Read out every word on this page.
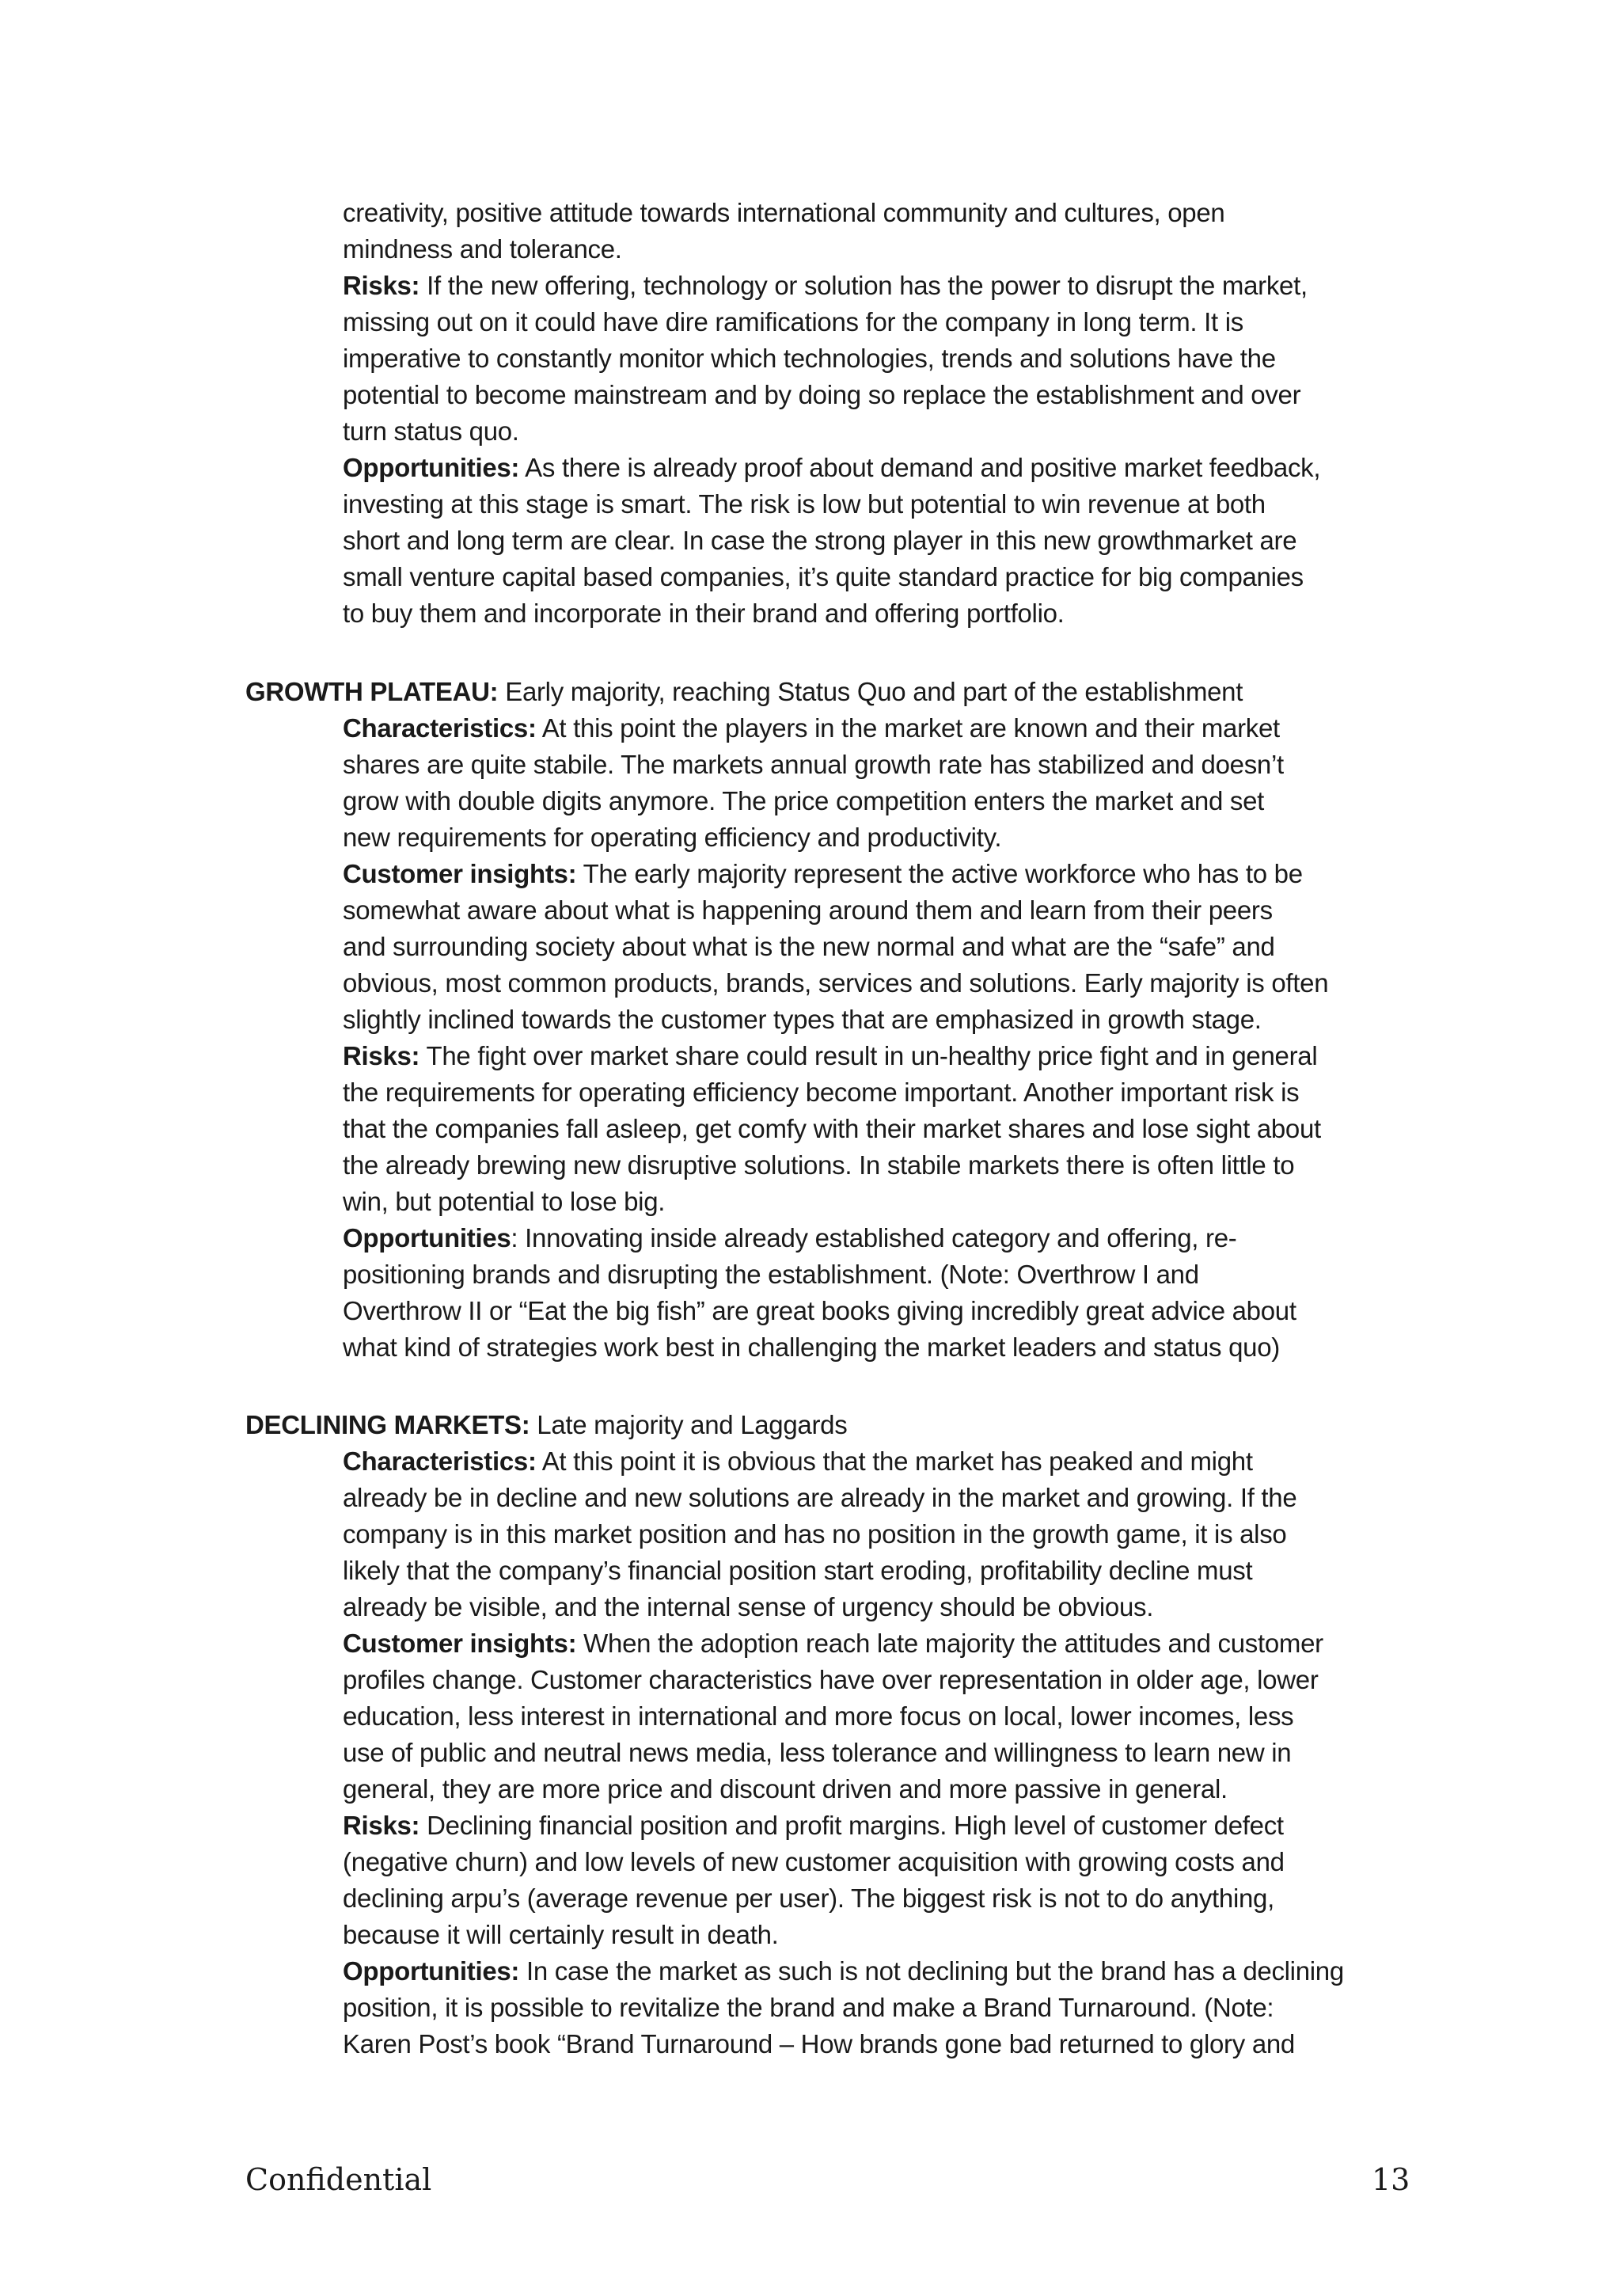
creativity, positive attitude towards international community and cultures, open
mindness and tolerance.
Risks: If the new offering, technology or solution has the power to disrupt the market,
missing out on it could have dire ramifications for the company in long term. It is
imperative to constantly monitor which technologies, trends and solutions have the
potential to become mainstream and by doing so replace the establishment and over
turn status quo.
Opportunities: As there is already proof about demand and positive market feedback,
investing at this stage is smart. The risk is low but potential to win revenue at both
short and long term are clear. In case the strong player in this new growthmarket are
small venture capital based companies, it’s quite standard practice for big companies
to buy them and incorporate in their brand and offering portfolio.
GROWTH PLATEAU: Early majority, reaching Status Quo and part of the establishment
Characteristics: At this point the players in the market are known and their market
shares are quite stabile. The markets annual growth rate has stabilized and doesn’t
grow with double digits anymore. The price competition enters the market and set
new requirements for operating efficiency and productivity.
Customer insights: The early majority represent the active workforce who has to be
somewhat aware about what is happening around them and learn from their peers
and surrounding society about what is the new normal and what are the “safe” and
obvious, most common products, brands, services and solutions. Early majority is often
slightly inclined towards the customer types that are emphasized in growth stage.
Risks: The fight over market share could result in un-healthy price fight and in general
the requirements for operating efficiency become important. Another important risk is
that the companies fall asleep, get comfy with their market shares and lose sight about
the already brewing new disruptive solutions. In stabile markets there is often little to
win, but potential to lose big.
Opportunities: Innovating inside already established category and offering, re-
positioning brands and disrupting the establishment. (Note: Overthrow I and
Overthrow II or “Eat the big fish” are great books giving incredibly great advice about
what kind of strategies work best in challenging the market leaders and status quo)
DECLINING MARKETS: Late majority and Laggards
Characteristics: At this point it is obvious that the market has peaked and might
already be in decline and new solutions are already in the market and growing. If the
company is in this market position and has no position in the growth game, it is also
likely that the company’s financial position start eroding, profitability decline must
already be visible, and the internal sense of urgency should be obvious.
Customer insights: When the adoption reach late majority the attitudes and customer
profiles change. Customer characteristics have over representation in older age, lower
education, less interest in international and more focus on local, lower incomes, less
use of public and neutral news media, less tolerance and willingness to learn new in
general, they are more price and discount driven and more passive in general.
Risks: Declining financial position and profit margins. High level of customer defect
(negative churn) and low levels of new customer acquisition with growing costs and
declining arpu’s (average revenue per user). The biggest risk is not to do anything,
because it will certainly result in death.
Opportunities: In case the market as such is not declining but the brand has a declining
position, it is possible to revitalize the brand and make a Brand Turnaround. (Note:
Karen Post’s book “Brand Turnaround – How brands gone bad returned to glory and
Confidential	13
